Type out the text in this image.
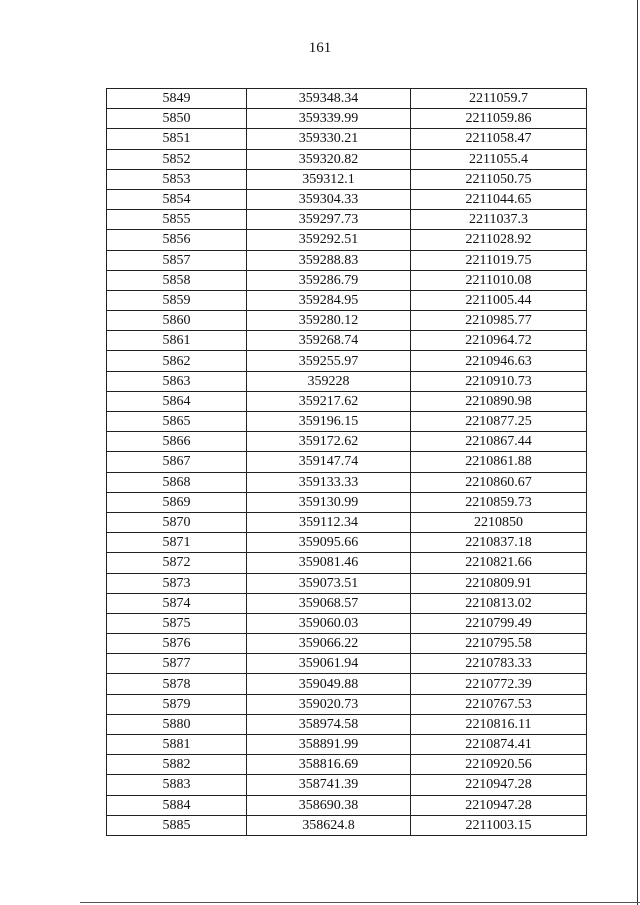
161
5849	359348.34	2211059.7
5850	359339.99	2211059.86
5851	359330.21	2211058.47
5852	359320.82	2211055.4
5853	359312.1	2211050.75
5854	359304.33	2211044.65
5855	359297.73	2211037.3
5856	359292.51	2211028.92
5857	359288.83	2211019.75
5858	359286.79	2211010.08
5859	359284.95	2211005.44
5860	359280.12	2210985.77
5861	359268.74	2210964.72
5862	359255.97	2210946.63
5863	359228	2210910.73
5864	359217.62	2210890.98
5865	359196.15	2210877.25
5866	359172.62	2210867.44
5867	359147.74	2210861.88
5868	359133.33	2210860.67
5869	359130.99	2210859.73
5870	359112.34	2210850
5871	359095.66	2210837.18
5872	359081.46	2210821.66
5873	359073.51	2210809.91
5874	359068.57	2210813.02
5875	359060.03	2210799.49
5876	359066.22	2210795.58
5877	359061.94	2210783.33
5878	359049.88	2210772.39
5879	359020.73	2210767.53
5880	358974.58	2210816.11
5881	358891.99	2210874.41
5882	358816.69	2210920.56
5883	358741.39	2210947.28
5884	358690.38	2210947.28
5885	358624.8	2211003.15
